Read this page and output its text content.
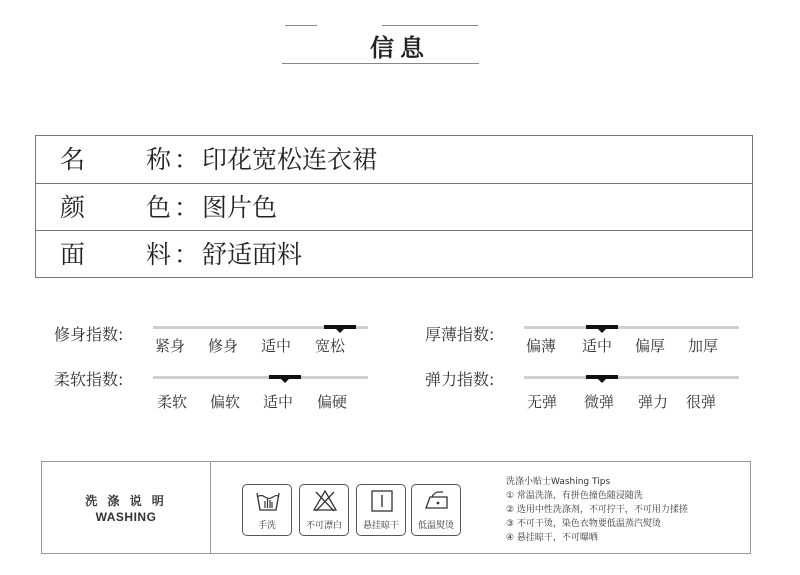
信息
名 称 ： 印花宽松连衣裙
颜 色 ： 图片色
面 料 ： 舒适面料
修身指数:
紧身 修身 适中 宽松
厚薄指数:
偏薄 适中 偏厚 加厚
柔软指数:
柔软 偏软 适中 偏硬
弹力指数:
无弹 微弹 弹力 很弹
洗 涤 说 明
WASHING
手洗	不可漂白	悬挂晾干	低温熨烫
洗涤小贴士Washing Tips
① 常温洗涤，有拼色撞色随浸随洗
② 选用中性洗涤剂，不可拧干，不可用力揉搓
③ 不可干烫，染色衣物要低温蒸汽熨烫
④ 悬挂晾干，不可曝晒
